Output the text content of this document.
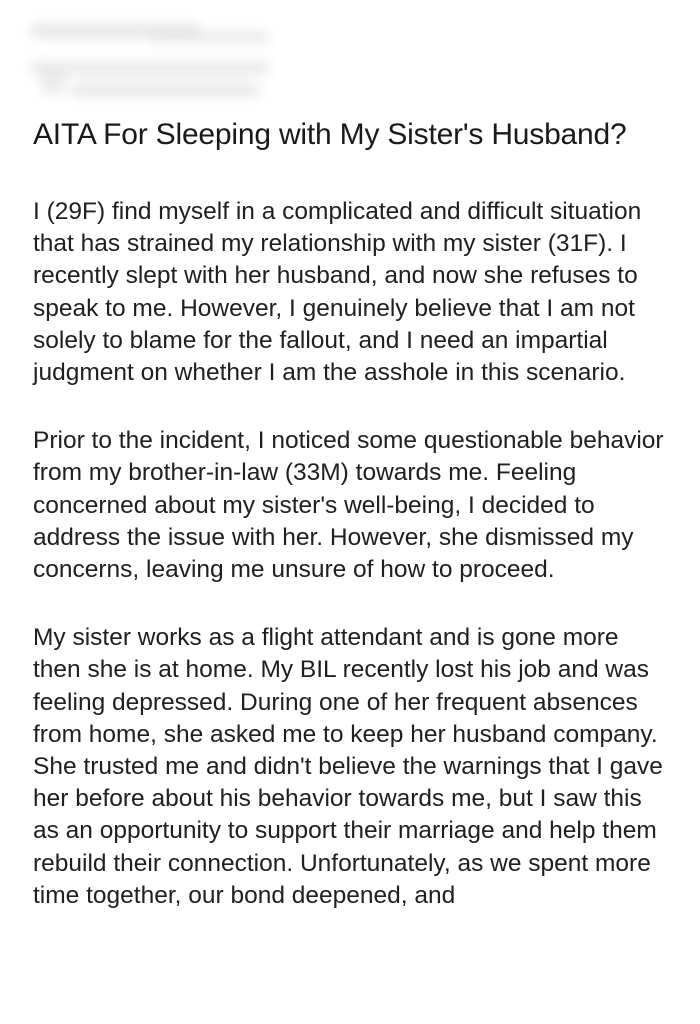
AITA For Sleeping with My Sister's Husband?

I (29F) find myself in a complicated and difficult situation that has strained my relationship with my sister (31F). I recently slept with her husband, and now she refuses to speak to me. However, I genuinely believe that I am not solely to blame for the fallout, and I need an impartial judgment on whether I am the asshole in this scenario.

Prior to the incident, I noticed some questionable behavior from my brother-in-law (33M) towards me. Feeling concerned about my sister's well-being, I decided to address the issue with her. However, she dismissed my concerns, leaving me unsure of how to proceed.

My sister works as a flight attendant and is gone more then she is at home. My BIL recently lost his job and was feeling depressed. During one of her frequent absences from home, she asked me to keep her husband company. She trusted me and didn't believe the warnings that I gave her before about his behavior towards me, but I saw this as an opportunity to support their marriage and help them rebuild their connection. Unfortunately, as we spent more time together, our bond deepened, and
